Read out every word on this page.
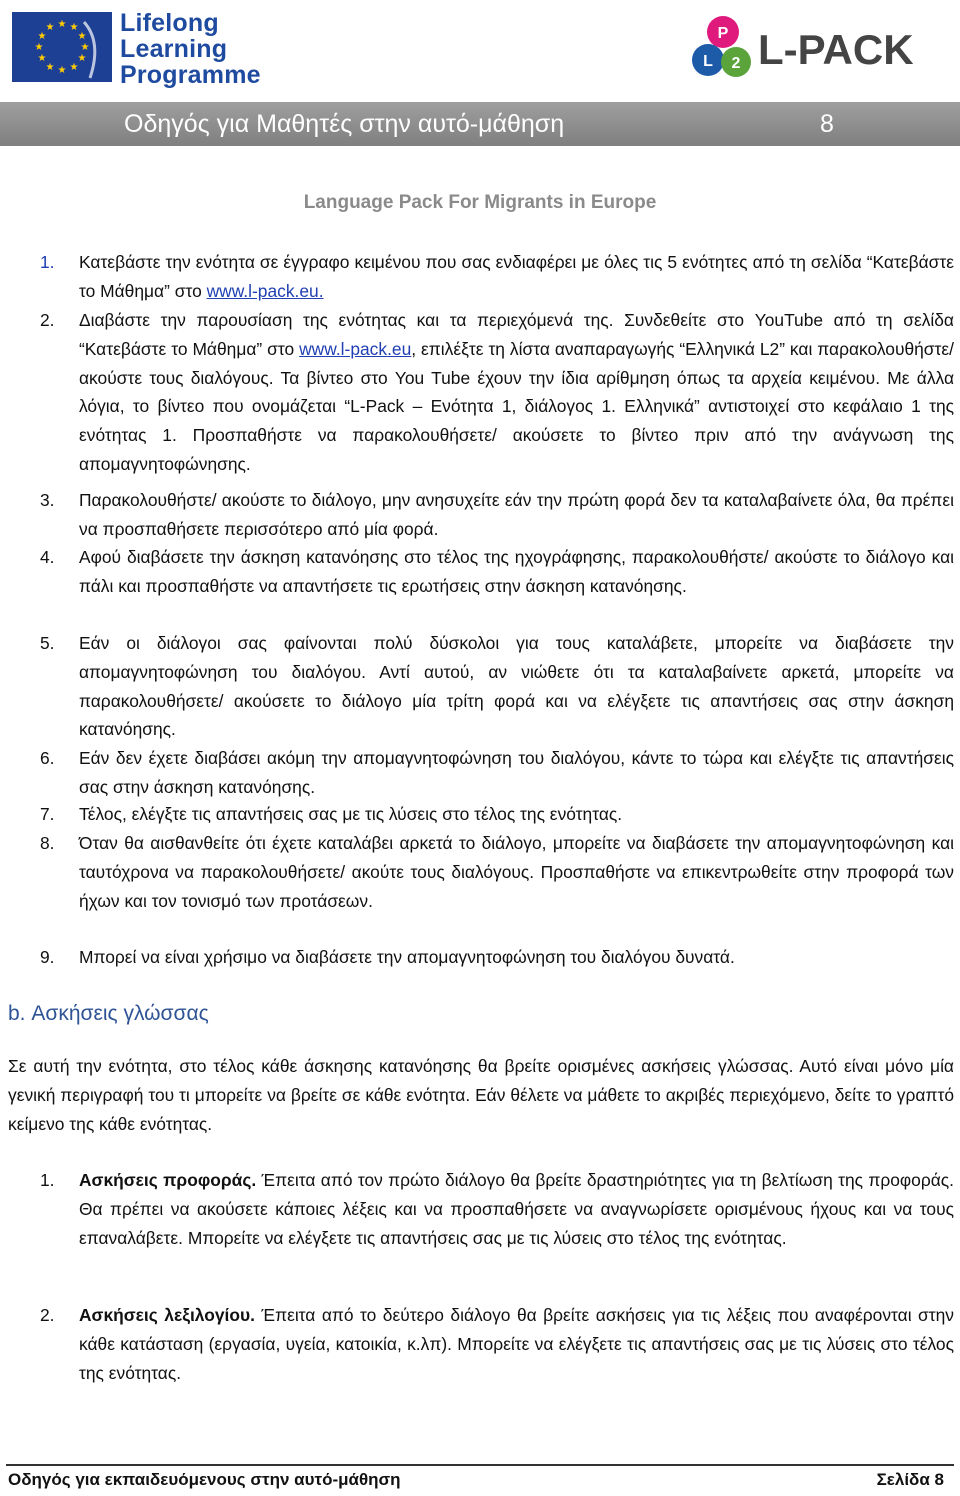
★ ★
★
★
★
★
★
★
★
★
★
★	Lifelong
Learning
Programme
P
L 2 L-PACK
Οδηγός για Μαθητές στην αυτό-μάθηση	8
Language Pack For Migrants in Europe
1. Κατεβάστε την ενότητα σε έγγραφο κειμένου που σας ενδιαφέρει με όλες τις 5 ενότητες από τη σελίδα “Κατεβάστε το Μάθημα” στο www.l-pack.eu.
2. Διαβάστε την παρουσίαση της ενότητας και τα περιεχόμενά της. Συνδεθείτε στο YouTube από τη σελίδα “Κατεβάστε το Μάθημα” στο www.l-pack.eu, επιλέξτε τη λίστα αναπαραγωγής “Ελληνικά L2” και παρακολουθήστε/ ακούστε τους διαλόγους. Τα βίντεο στο You Tube έχουν την ίδια αρίθμηση όπως τα αρχεία κειμένου. Με άλλα λόγια, το βίντεο που ονομάζεται “L-Pack – Ενότητα 1, διάλογος 1. Ελληνικά” αντιστοιχεί στο κεφάλαιο 1 της ενότητας 1. Προσπαθήστε να παρακολουθήσετε/ ακούσετε το βίντεο πριν από την ανάγνωση της απομαγνητοφώνησης.
3. Παρακολουθήστε/ ακούστε το διάλογο, μην ανησυχείτε εάν την πρώτη φορά δεν τα καταλαβαίνετε όλα, θα πρέπει να προσπαθήσετε περισσότερο από μία φορά.
4. Αφού διαβάσετε την άσκηση κατανόησης στο τέλος της ηχογράφησης, παρακολουθήστε/ ακούστε το διάλογο και πάλι και προσπαθήστε να απαντήσετε τις ερωτήσεις στην άσκηση κατανόησης.
5. Εάν οι διάλογοι σας φαίνονται πολύ δύσκολοι για τους καταλάβετε, μπορείτε να διαβάσετε την απομαγνητοφώνηση του διαλόγου. Αντί αυτού, αν νιώθετε ότι τα καταλαβαίνετε αρκετά, μπορείτε να παρακολουθήσετε/ ακούσετε το διάλογο μία τρίτη φορά και να ελέγξετε τις απαντήσεις σας στην άσκηση κατανόησης.
6. Εάν δεν έχετε διαβάσει ακόμη την απομαγνητοφώνηση του διαλόγου, κάντε το τώρα και ελέγξτε τις απαντήσεις σας στην άσκηση κατανόησης.
7. Τέλος, ελέγξτε τις απαντήσεις σας με τις λύσεις στο τέλος της ενότητας.
8. Όταν θα αισθανθείτε ότι έχετε καταλάβει αρκετά το διάλογο, μπορείτε να διαβάσετε την απομαγνητοφώνηση και ταυτόχρονα να παρακολουθήσετε/ ακούτε τους διαλόγους. Προσπαθήστε να επικεντρωθείτε στην προφορά των ήχων και τον τονισμό των προτάσεων.
9. Μπορεί να είναι χρήσιμο να διαβάσετε την απομαγνητοφώνηση του διαλόγου δυνατά.
b. Ασκήσεις γλώσσας
Σε αυτή την ενότητα, στο τέλος κάθε άσκησης κατανόησης θα βρείτε ορισμένες ασκήσεις γλώσσας. Αυτό είναι μόνο μία γενική περιγραφή του τι μπορείτε να βρείτε σε κάθε ενότητα. Εάν θέλετε να μάθετε το ακριβές περιεχόμενο, δείτε το γραπτό κείμενο της κάθε ενότητας.
1. Ασκήσεις προφοράς. Έπειτα από τον πρώτο διάλογο θα βρείτε δραστηριότητες για τη βελτίωση της προφοράς. Θα πρέπει να ακούσετε κάποιες λέξεις και να προσπαθήσετε να αναγνωρίσετε ορισμένους ήχους και να τους επαναλάβετε. Μπορείτε να ελέγξετε τις απαντήσεις σας με τις λύσεις στο τέλος της ενότητας.
2. Ασκήσεις λεξιλογίου. Έπειτα από το δεύτερο διάλογο θα βρείτε ασκήσεις για τις λέξεις που αναφέρονται στην κάθε κατάσταση (εργασία, υγεία, κατοικία, κ.λπ). Μπορείτε να ελέγξετε τις απαντήσεις σας με τις λύσεις στο τέλος της ενότητας.
Οδηγός για εκπαιδευόμενους στην αυτό-μάθηση	Σελίδα 8
